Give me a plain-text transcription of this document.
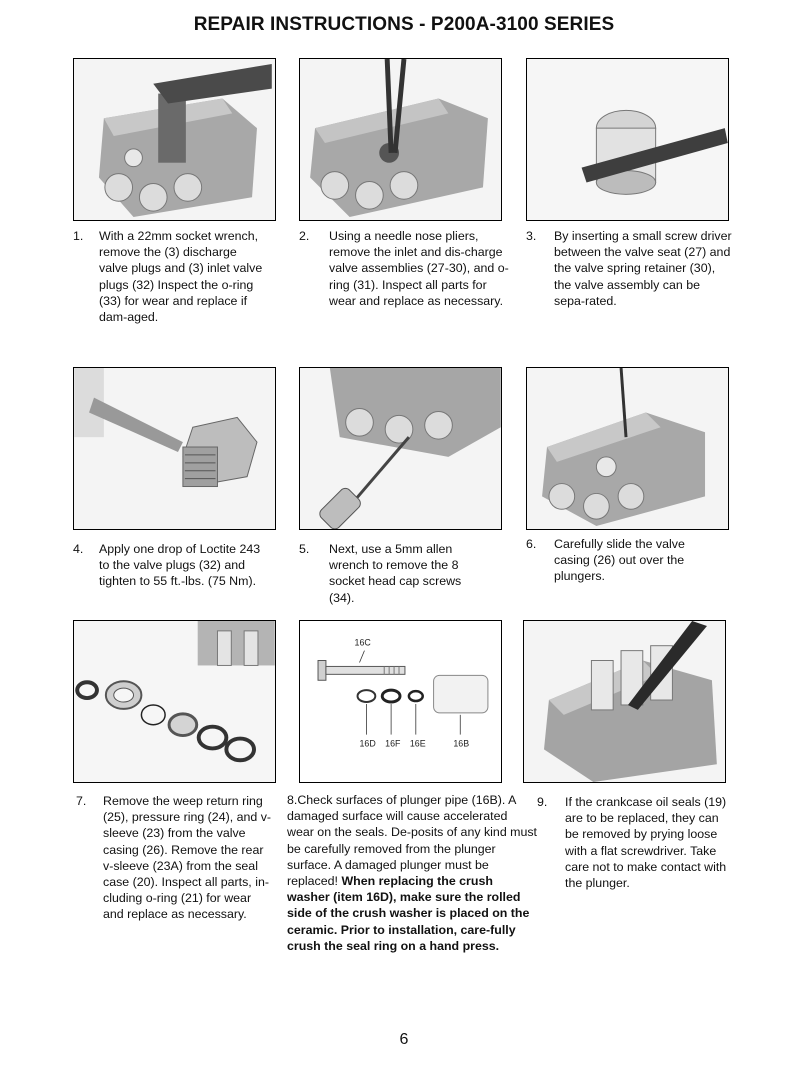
REPAIR INSTRUCTIONS - P200A-3100 SERIES
1. With a 22mm socket wrench, remove the (3) discharge valve plugs and (3) inlet valve plugs (32) Inspect the o-ring (33) for wear and replace if dam-aged.
2. Using a needle nose pliers, remove the inlet and dis-charge valve assemblies (27-30), and o-ring (31). Inspect all parts for wear and replace as necessary.
3. By inserting a small screw driver between the valve seat (27) and the valve spring retainer (30), the valve assembly can be sepa-rated.
4. Apply one drop of Loctite 243 to the valve plugs (32) and tighten to 55 ft.-lbs. (75 Nm).
5. Next, use a 5mm allen wrench to remove the 8 socket head cap screws (34).
6. Carefully slide the valve casing (26) out over the plungers.
16C
16D 16F 16E	16B
7. Remove the weep return ring (25), pressure ring (24), and v-sleeve (23) from the valve casing (26). Remove the rear v-sleeve (23A) from the seal case (20). Inspect all parts, in-cluding o-ring (21) for wear and replace as necessary.
8.Check surfaces of plunger pipe (16B). A damaged surface will cause accelerated wear on the seals. De-posits of any kind must be carefully removed from the plunger surface. A damaged plunger must be replaced! When replacing the crush washer (item 16D), make sure the rolled side of the crush washer is placed on the ceramic. Prior to installation, care-fully crush the seal ring on a hand press.
9. If the crankcase oil seals (19) are to be replaced, they can be removed by prying loose with a flat screwdriver. Take care not to make contact with the plunger.
6
